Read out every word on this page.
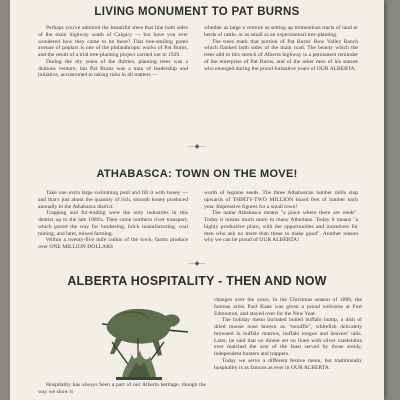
LIVING MONUMENT TO PAT BURNS

Perhaps you've admired the beautiful trees that line both sides of the main highway south of Calgary — but have you ever wondered how they came to be there? That tree-smiling green avenue of poplars is one of the philanthropic works of Pat Burns, and the result of a trial tree-planting project carried out in 1929.

During the dry years of the thirties, planting trees was a dubious venture, but Pat Burns was a man of leadership and initiative, accustomed to taking risks in all matters —

whether as large a venture as setting up tremendous tracts of land or herds of cattle, or as small as an experimental tree-planting.

The trees mark that portion of Pat Burns' Bow Valley Ranch which flanked both sides of the main road. The beauty which the trees add to this stretch of Alberta highway is a permanent reminder of the enterprise of Pat Burns, and of the other men of his stature who emerged during the proud formative years of OUR ALBERTA.

—◆—
ATHABASCA: TOWN ON THE MOVE!

Take one extra large swimming pool and fill it with honey — and that's just about the quantity of rich, smooth honey produced annually in the Athabasca district.

Trapping and fur-trading were the only industries in this district up to the late 1880's. Then came northern river transport, which paved the way for lumbering, brick manufacturing, coal mining, and later, mixed farming.

Within a twenty-five mile radius of the town, farms produce over ONE MILLION DOLLARS

worth of legume seeds. The three Athabascan lumber mills ship upwards of THIRTY-TWO MILLION board feet of lumber each year. Impressive figures for a small town!

The name Athabasca means "a place where there are reeds". Today it means much more to many Albertans. Today it means "a highly productive place, with the opportunities and incentives for men who ask no more than these to make good". Another reason why we can be proud of OUR ALBERTA!

—◆—
ALBERTA HOSPITALITY - THEN AND NOW

changes over the years. In the Christmas season of 1886, the famous artist Paul Kane was given a proud welcome at Fort Edmonton, and stayed over for the New Year.

The holiday menu included boiled buffalo hump, a dish of dried moose nose known as "mouffle", whitefish delicately browned in buffalo marrow, buffalo tongue and beavers' tails. Later, he said that no dinner set on linen with silver candelabra ever matched the zest of the feast served by those sturdy, independent hunters and trappers.

Today we serve a different festive menu, but traditionally hospitality is as famous as ever in OUR ALBERTA.

Hospitality has always been a part of our Alberta heritage, though the way we show it
